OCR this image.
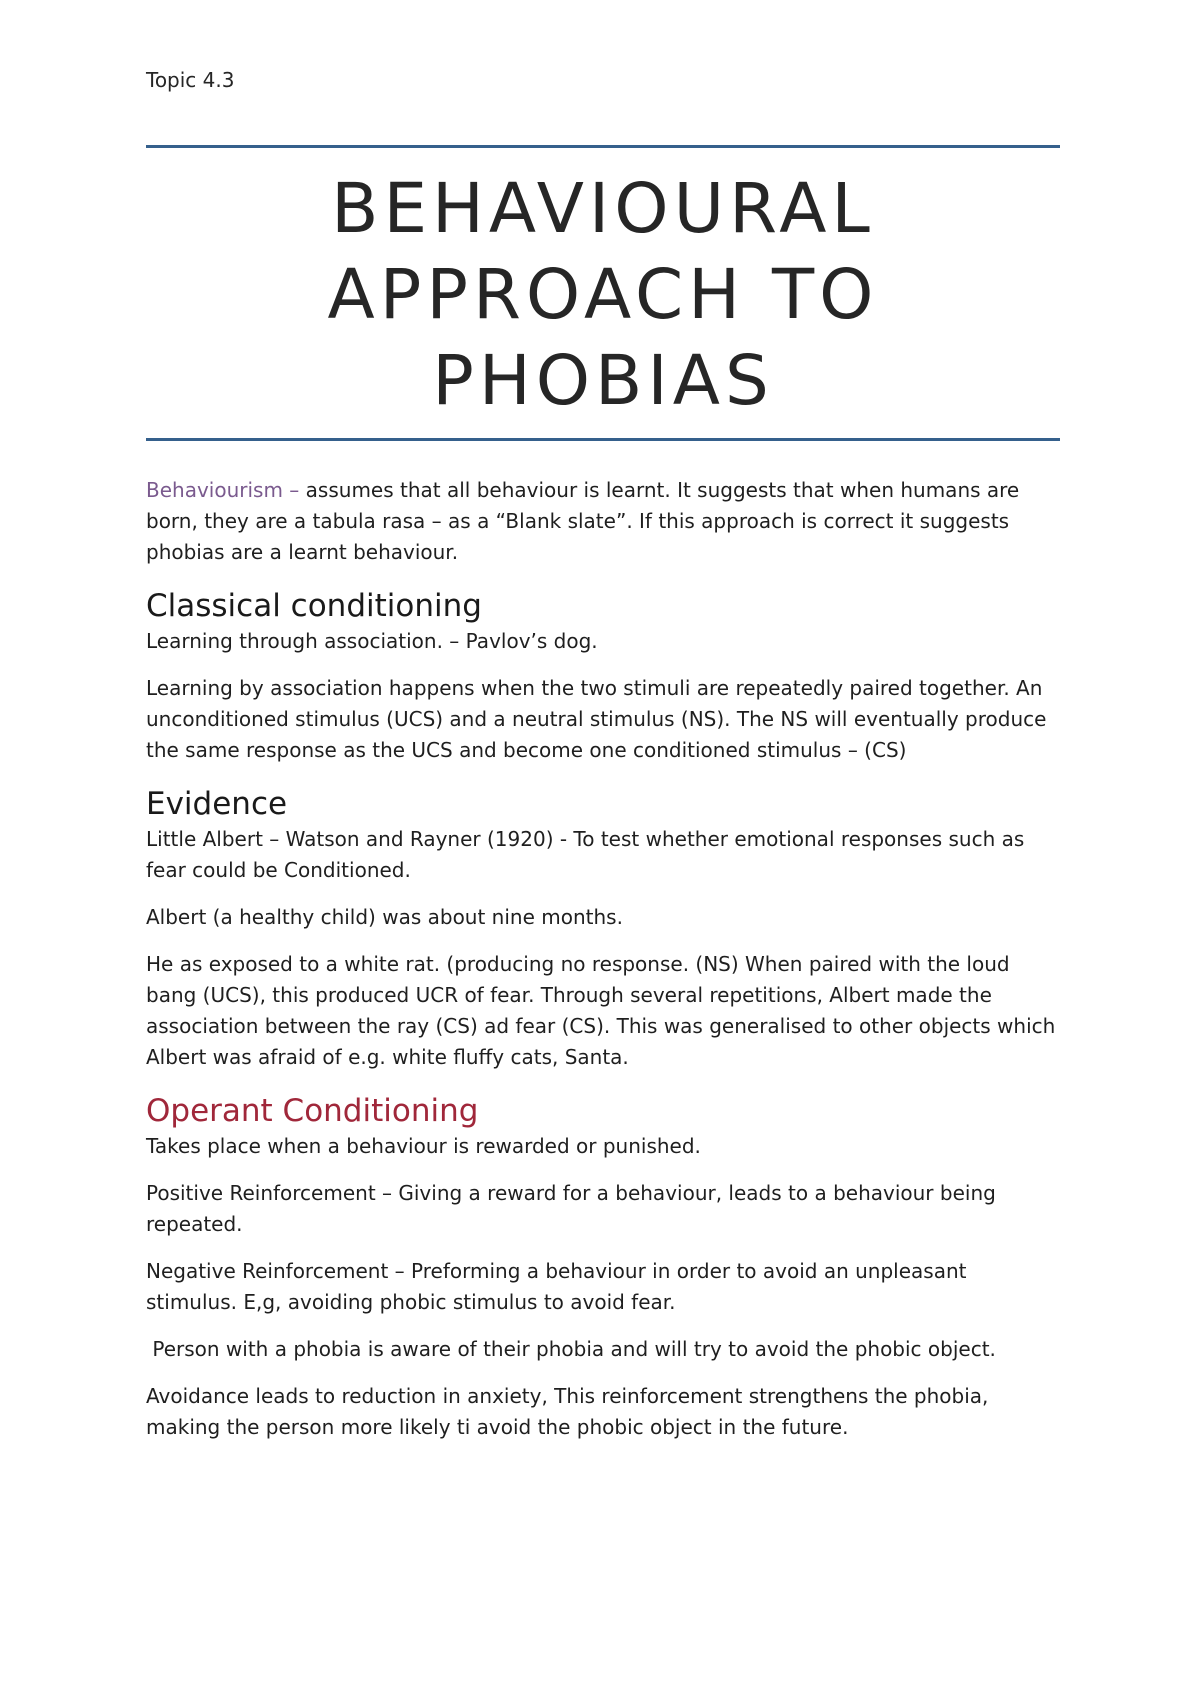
Topic 4.3

BEHAVIOURAL
APPROACH TO
PHOBIAS

Behaviourism – assumes that all behaviour is learnt. It suggests that when humans are born, they are a tabula rasa – as a “Blank slate”. If this approach is correct it suggests phobias are a learnt behaviour.

Classical conditioning

Learning through association. – Pavlov’s dog.

Learning by association happens when the two stimuli are repeatedly paired together. An unconditioned stimulus (UCS) and a neutral stimulus (NS). The NS will eventually produce the same response as the UCS and become one conditioned stimulus – (CS)

Evidence

Little Albert – Watson and Rayner (1920) - To test whether emotional responses such as fear could be Conditioned.

Albert (a healthy child) was about nine months.

He as exposed to a white rat. (producing no response. (NS) When paired with the loud bang (UCS), this produced UCR of fear. Through several repetitions, Albert made the association between the ray (CS) ad fear (CS). This was generalised to other objects which Albert was afraid of e.g. white fluffy cats, Santa.

Operant Conditioning

Takes place when a behaviour is rewarded or punished.

Positive Reinforcement – Giving a reward for a behaviour, leads to a behaviour being repeated.

Negative Reinforcement – Preforming a behaviour in order to avoid an unpleasant stimulus. E,g, avoiding phobic stimulus to avoid fear.

Person with a phobia is aware of their phobia and will try to avoid the phobic object.

Avoidance leads to reduction in anxiety, This reinforcement strengthens the phobia, making the person more likely ti avoid the phobic object in the future.
